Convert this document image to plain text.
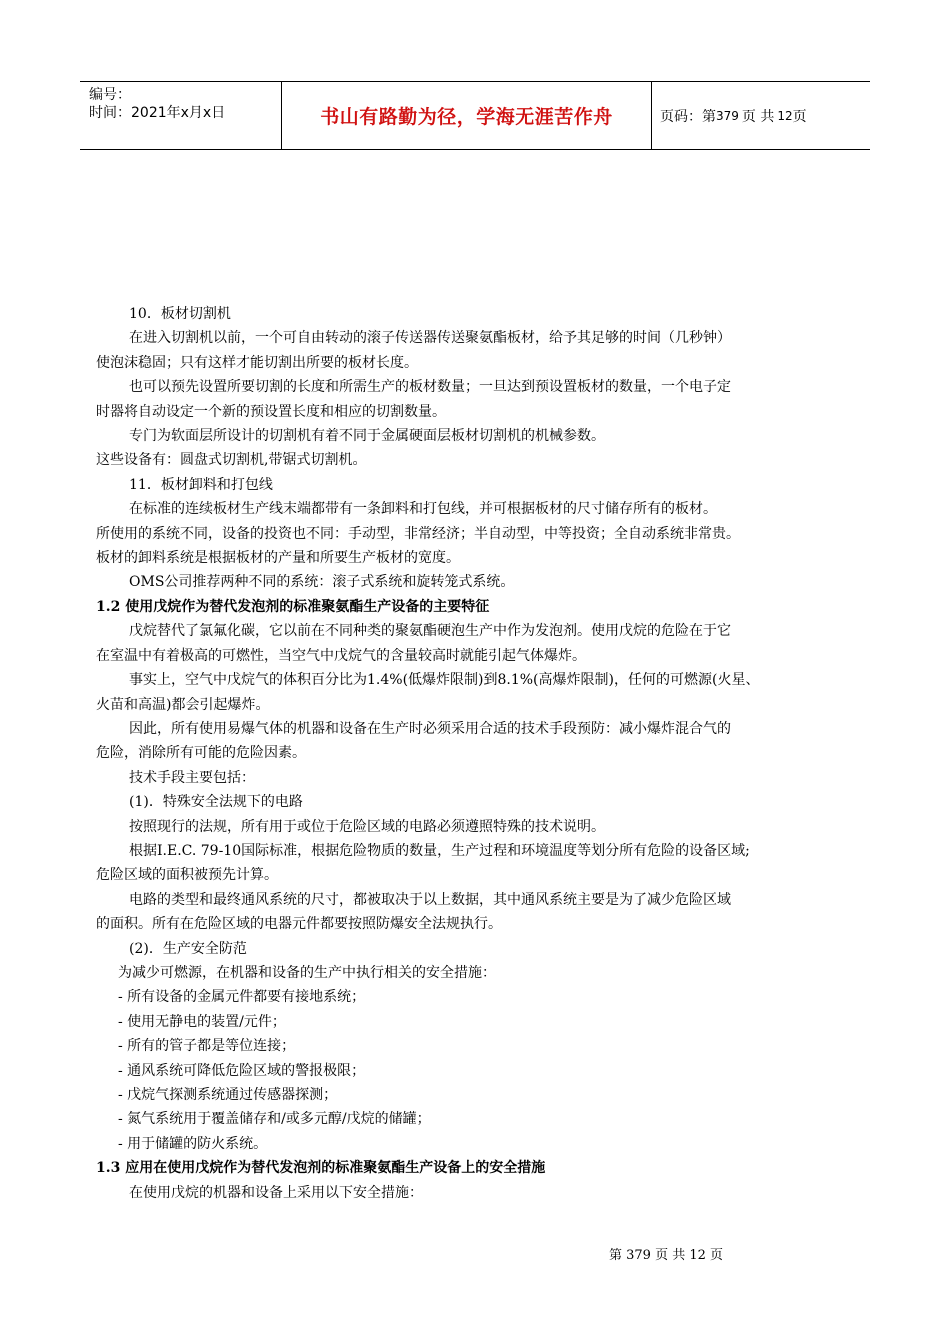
编号：
时间：2021年x月x日	书山有路勤为径，学海无涯苦作舟	页码：第 379 页 共 12 页

10．板材切割机

在进入切割机以前，一个可自由转动的滚子传送器传送聚氨酯板材，给予其足够的时间（几秒钟）

使泡沫稳固；只有这样才能切割出所要的板材长度。

也可以预先设置所要切割的长度和所需生产的板材数量；一旦达到预设置板材的数量，一个电子定

时器将自动设定一个新的预设置长度和相应的切割数量。

专门为软面层所设计的切割机有着不同于金属硬面层板材切割机的机械参数。

这些设备有：圆盘式切割机,带锯式切割机。

11．板材卸料和打包线

在标准的连续板材生产线末端都带有一条卸料和打包线，并可根据板材的尺寸储存所有的板材。

所使用的系统不同，设备的投资也不同：手动型，非常经济；半自动型，中等投资；全自动系统非常贵。

板材的卸料系统是根据板材的产量和所要生产板材的宽度。

OMS公司推荐两种不同的系统：滚子式系统和旋转笼式系统。

1.2 使用戊烷作为替代发泡剂的标准聚氨酯生产设备的主要特征

戊烷替代了氯氟化碳，它以前在不同种类的聚氨酯硬泡生产中作为发泡剂。使用戊烷的危险在于它

在室温中有着极高的可燃性，当空气中戊烷气的含量较高时就能引起气体爆炸。

事实上，空气中戊烷气的体积百分比为1.4%(低爆炸限制)到8.1%(高爆炸限制)，任何的可燃源(火星、

火苗和高温)都会引起爆炸。

因此，所有使用易爆气体的机器和设备在生产时必须采用合适的技术手段预防：减小爆炸混合气的

危险，消除所有可能的危险因素。

技术手段主要包括：

(1)．特殊安全法规下的电路

按照现行的法规，所有用于或位于危险区域的电路必须遵照特殊的技术说明。

根据I.E.C. 79-10国际标准，根据危险物质的数量，生产过程和环境温度等划分所有危险的设备区域;

危险区域的面积被预先计算。

电路的类型和最终通风系统的尺寸，都被取决于以上数据，其中通风系统主要是为了减少危险区域

的面积。所有在危险区域的电器元件都要按照防爆安全法规执行。

(2)．生产安全防范

为减少可燃源，在机器和设备的生产中执行相关的安全措施：

- 所有设备的金属元件都要有接地系统；

- 使用无静电的装置/元件；

- 所有的管子都是等位连接；

- 通风系统可降低危险区域的警报极限；

- 戊烷气探测系统通过传感器探测；

- 氮气系统用于覆盖储存和/或多元醇/戊烷的储罐；

- 用于储罐的防火系统。

1.3 应用在使用戊烷作为替代发泡剂的标准聚氨酯生产设备上的安全措施

在使用戊烷的机器和设备上采用以下安全措施：

第 379 页 共 12 页
